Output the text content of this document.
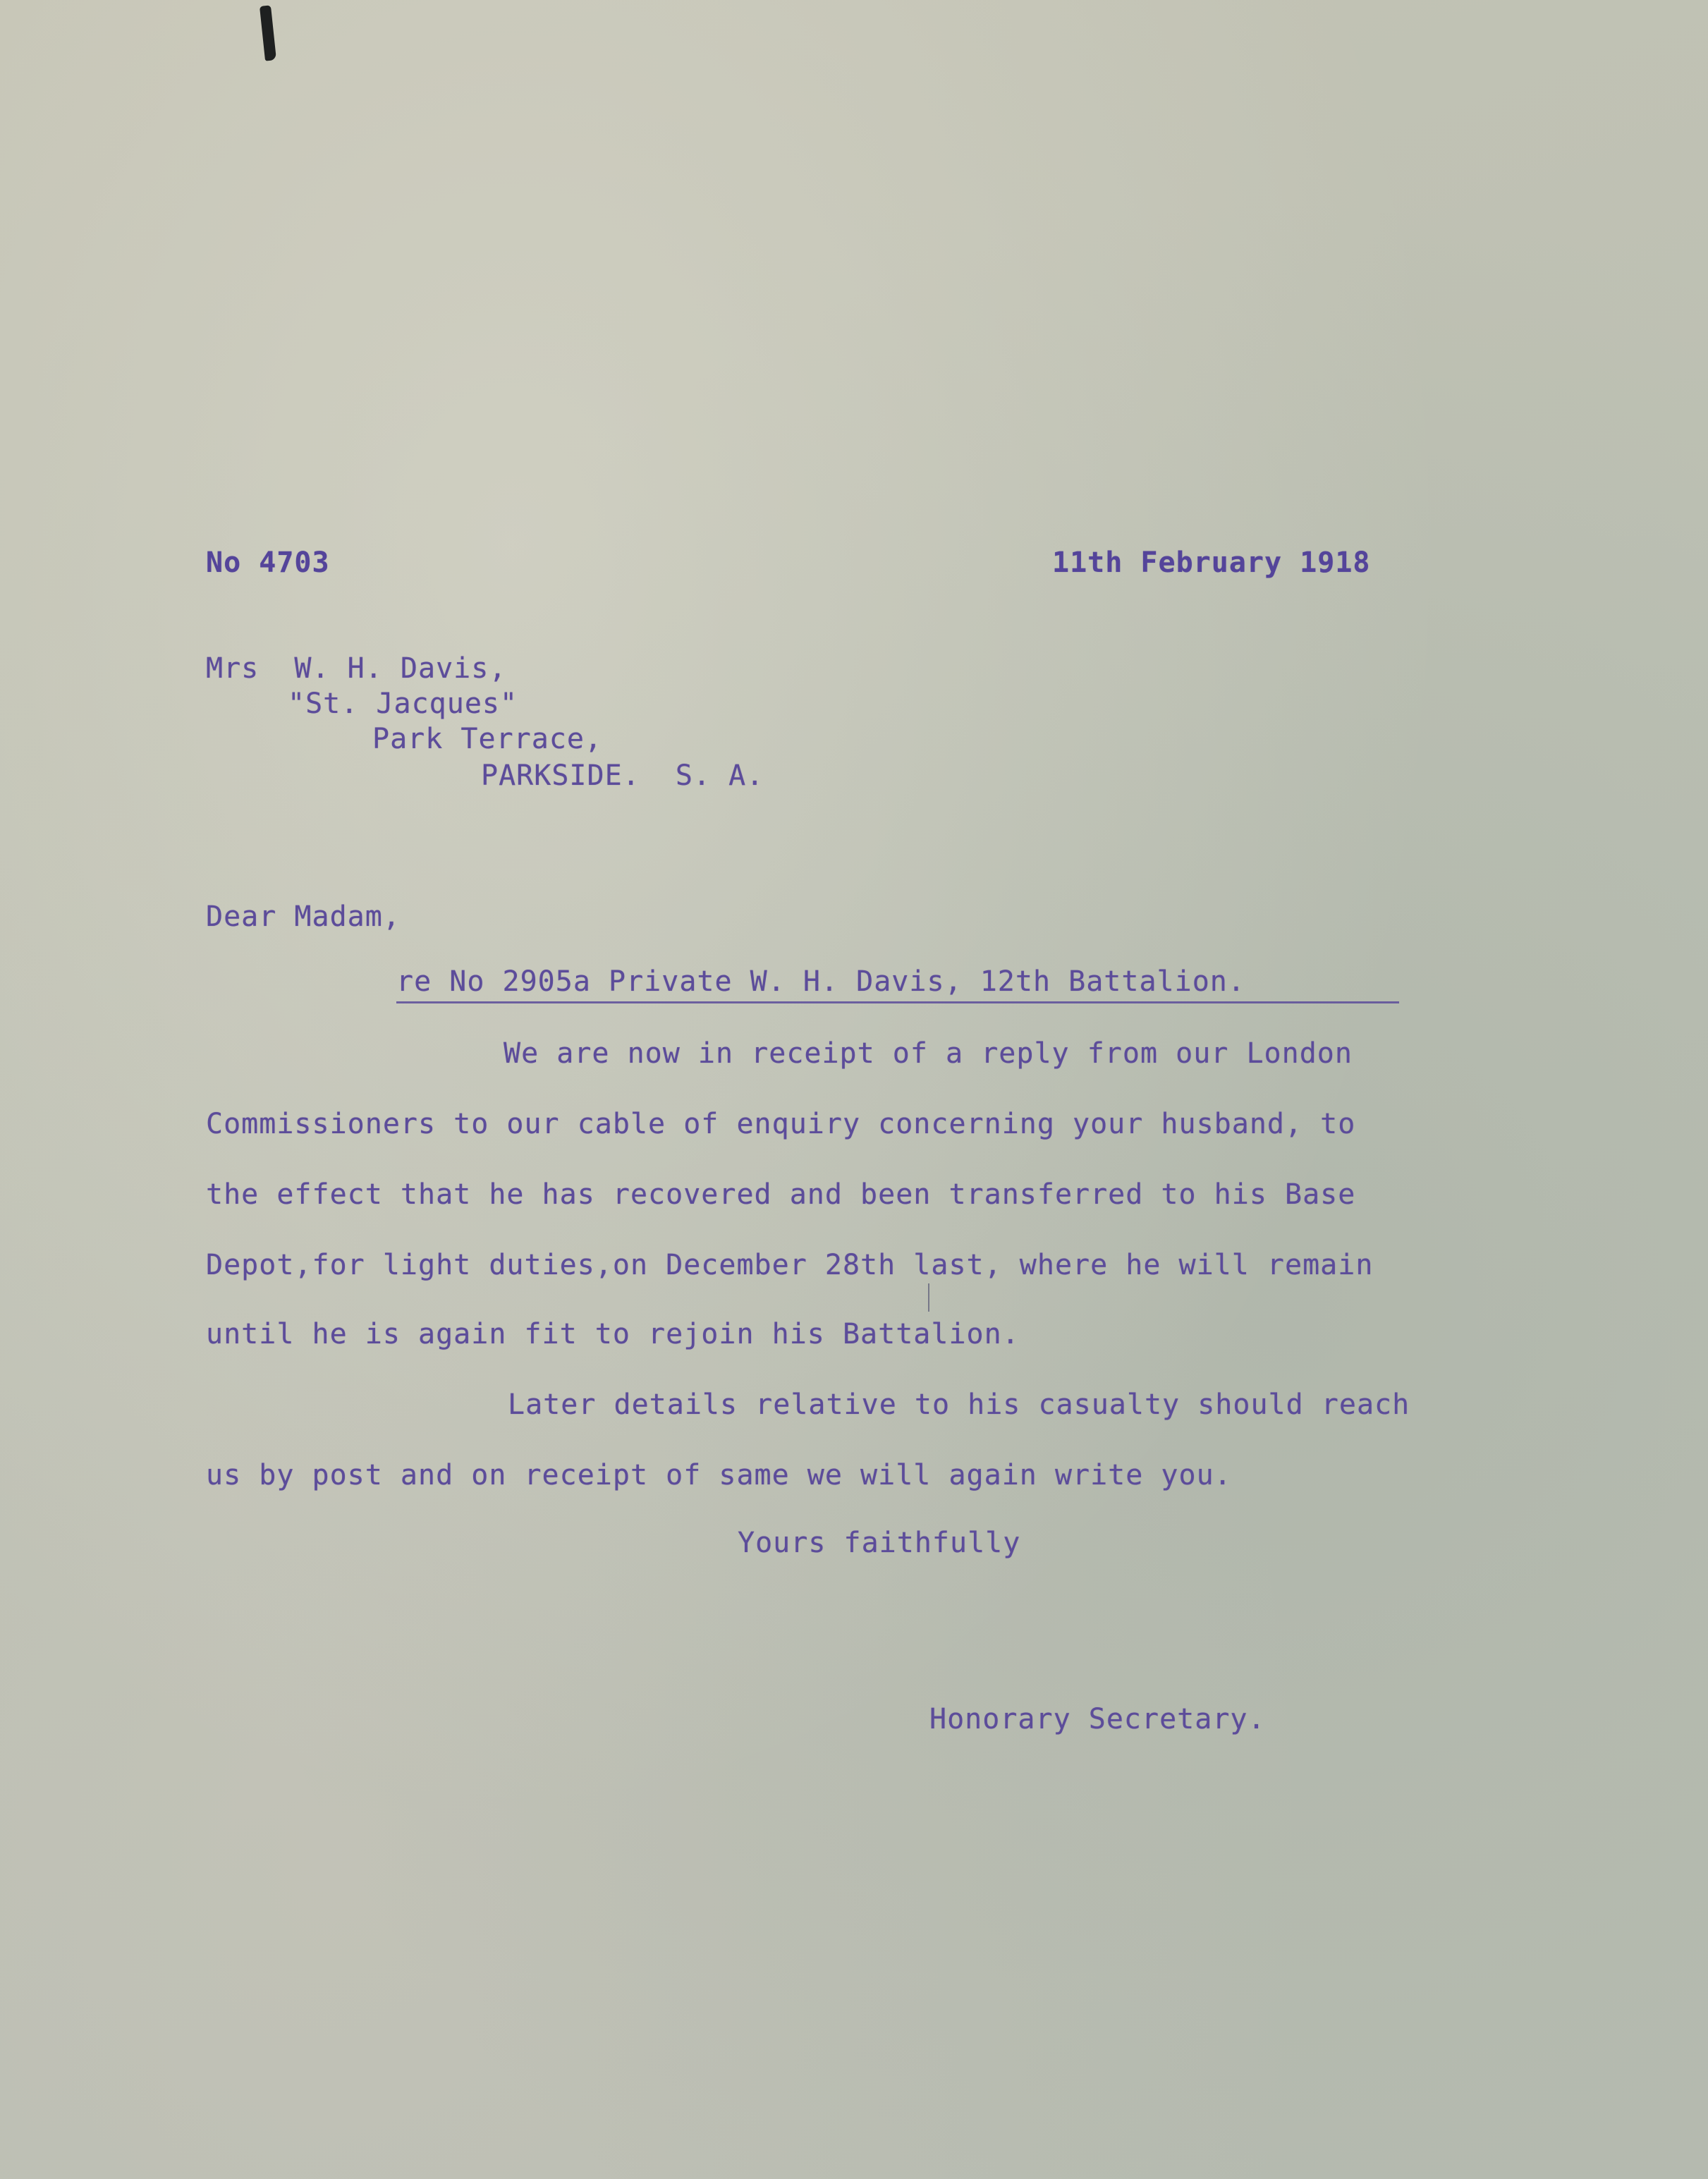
No 4703	11th February 1918
Mrs  W. H. Davis,
"St. Jacques"
Park Terrace,
PARKSIDE.  S. A.
Dear Madam,
re No 2905a Private W. H. Davis, 12th Battalion.
We are now in receipt of a reply from our London
Commissioners to our cable of enquiry concerning your husband, to
the effect that he has recovered and been transferred to his Base
Depot,for light duties,on December 28th last, where he will remain
until he is again fit to rejoin his Battalion.
Later details relative to his casualty should reach
us by post and on receipt of same we will again write you.
Yours faithfully
Honorary Secretary.
